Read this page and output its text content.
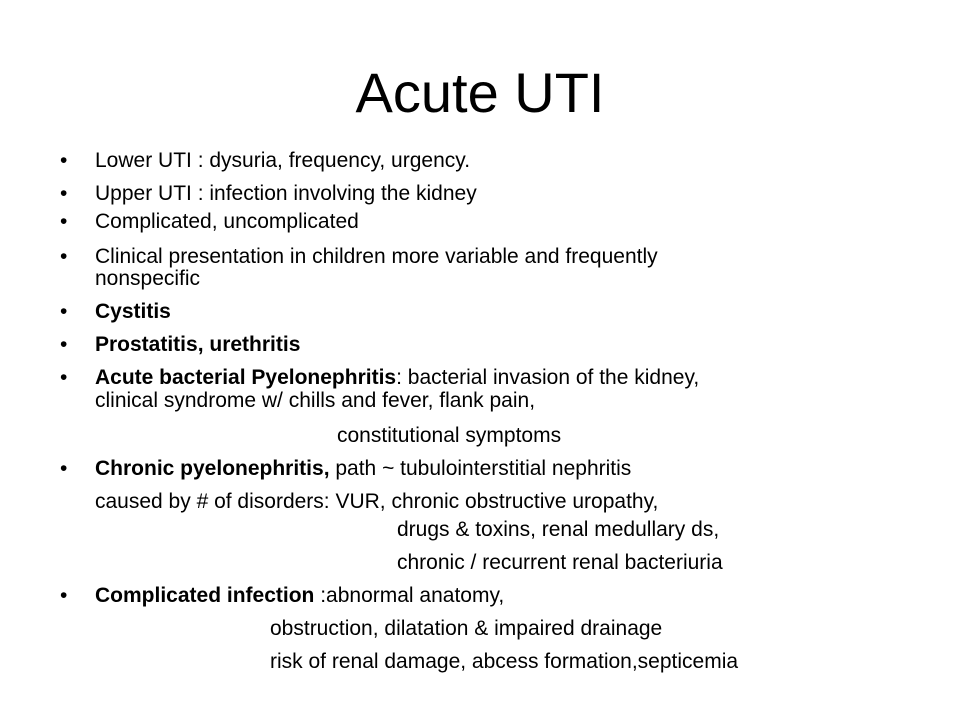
Acute UTI
• Lower UTI : dysuria, frequency, urgency.
• Upper UTI : infection involving the kidney
• Complicated, uncomplicated
• Clinical presentation in children more variable and frequently
nonspecific
• Cystitis
• Prostatitis, urethritis
• Acute bacterial Pyelonephritis: bacterial invasion of the kidney,
clinical syndrome w/ chills and fever, flank pain,
constitutional symptoms
• Chronic pyelonephritis, path ~ tubulointerstitial nephritis
caused by # of disorders: VUR, chronic obstructive uropathy,
drugs & toxins, renal medullary ds,
chronic / recurrent renal bacteriuria
• Complicated infection :abnormal anatomy,
obstruction, dilatation & impaired drainage
risk of renal damage, abcess formation,septicemia
